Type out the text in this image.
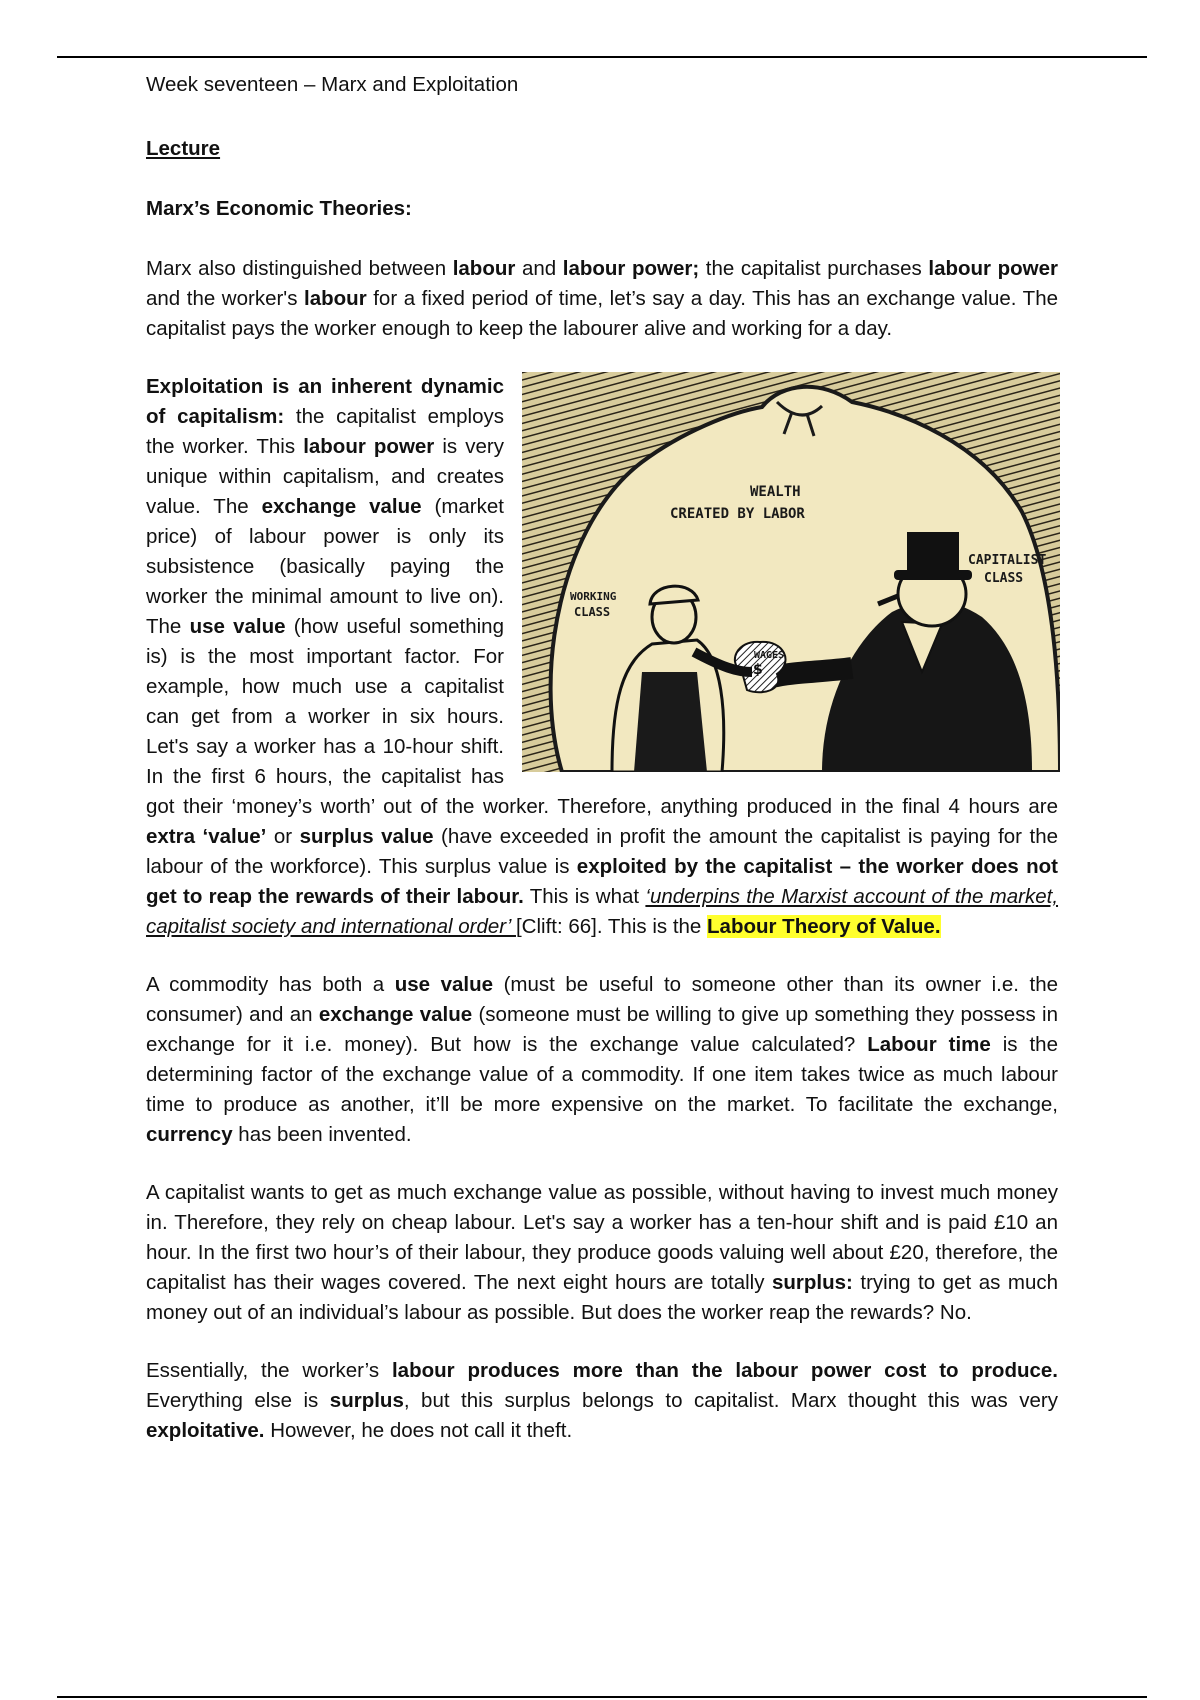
Week seventeen – Marx and Exploitation
Lecture
Marx’s Economic Theories:

Marx also distinguished between labour and labour power; the capitalist purchases labour power and the worker's labour for a fixed period of time, let’s say a day. This has an exchange value. The capitalist pays the worker enough to keep the labourer alive and working for a day.

WEALTH
CREATED BY LABOR
$
CAPITALIST
CLASS
WORKING
CLASS
WAGES
Exploitation is an inherent dynamic of capitalism: the capitalist employs the worker. This labour power is very unique within capitalism, and creates value. The exchange value (market price) of labour power is only its subsistence (basically paying the worker the minimal amount to live on). The use value (how useful something is) is the most important factor. For example, how much use a capitalist can get from a worker in six hours. Let's say a worker has a 10-hour shift. In the first 6 hours, the capitalist has got their ‘money’s worth’ out of the worker. Therefore, anything produced in the final 4 hours are extra ‘value’ or surplus value (have exceeded in profit the amount the capitalist is paying for the labour of the workforce). This surplus value is exploited by the capitalist – the worker does not get to reap the rewards of their labour. This is what ‘underpins the Marxist account of the market, capitalist society and international order’ [Clift: 66]. This is the Labour Theory of Value.

A commodity has both a use value (must be useful to someone other than its owner i.e. the consumer) and an exchange value (someone must be willing to give up something they possess in exchange for it i.e. money). But how is the exchange value calculated? Labour time is the determining factor of the exchange value of a commodity. If one item takes twice as much labour time to produce as another, it’ll be more expensive on the market. To facilitate the exchange, currency has been invented.

A capitalist wants to get as much exchange value as possible, without having to invest much money in. Therefore, they rely on cheap labour. Let's say a worker has a ten-hour shift and is paid £10 an hour. In the first two hour’s of their labour, they produce goods valuing well about £20, therefore, the capitalist has their wages covered. The next eight hours are totally surplus: trying to get as much money out of an individual’s labour as possible. But does the worker reap the rewards? No.

Essentially, the worker’s labour produces more than the labour power cost to produce. Everything else is surplus, but this surplus belongs to capitalist. Marx thought this was very exploitative. However, he does not call it theft.
